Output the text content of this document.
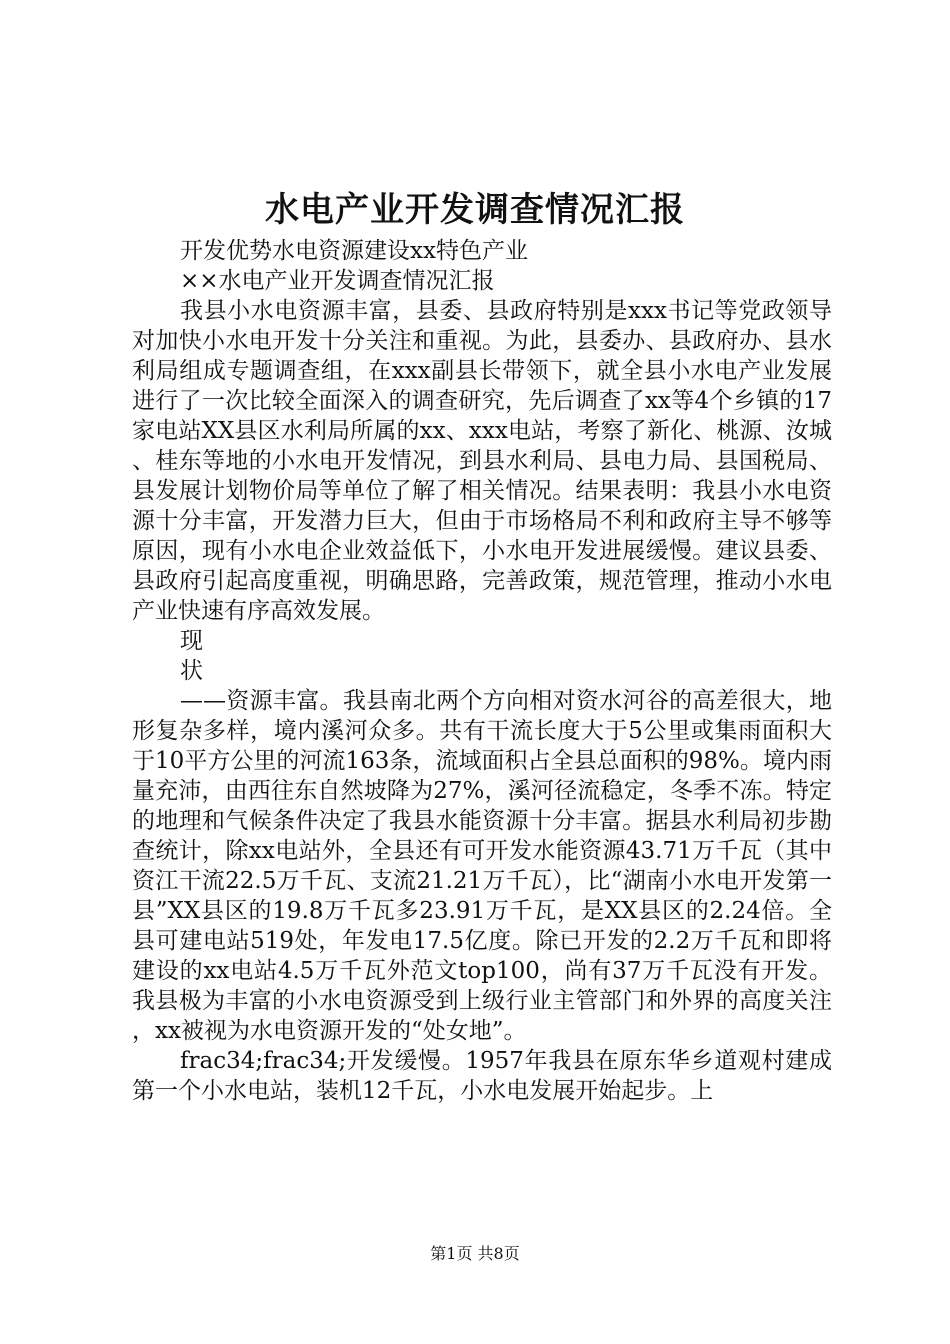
水电产业开发调查情况汇报

开发优势水电资源建设xx特色产业

××水电产业开发调查情况汇报

我县小水电资源丰富，县委、县政府特别是xxx书记等党政领导对加快小水电开发十分关注和重视。为此，县委办、县政府办、县水利局组成专题调查组，在xxx副县长带领下，就全县小水电产业发展进行了一次比较全面深入的调查研究，先后调查了xx等4个乡镇的17家电站XX县区水利局所属的xx、xxx电站，考察了新化、桃源、汝城、桂东等地的小水电开发情况，到县水利局、县电力局、县国税局、县发展计划物价局等单位了解了相关情况。结果表明：我县小水电资源十分丰富，开发潜力巨大，但由于市场格局不利和政府主导不够等原因，现有小水电企业效益低下，小水电开发进展缓慢。建议县委、县政府引起高度重视，明确思路，完善政策，规范管理，推动小水电产业快速有序高效发展。

现

状

——资源丰富。我县南北两个方向相对资水河谷的高差很大，地形复杂多样，境内溪河众多。共有干流长度大于5公里或集雨面积大于10平方公里的河流163条，流域面积占全县总面积的98%。境内雨量充沛，由西往东自然坡降为27%，溪河径流稳定，冬季不冻。特定的地理和气候条件决定了我县水能资源十分丰富。据县水利局初步勘查统计，除xx电站外，全县还有可开发水能资源43.71万千瓦（其中资江干流22.5万千瓦、支流21.21万千瓦），比“湖南小水电开发第一县”XX县区的19.8万千瓦多23.91万千瓦，是XX县区的2.24倍。全县可建电站519处，年发电17.5亿度。除已开发的2.2万千瓦和即将建设的xx电站4.5万千瓦外范文top100，尚有37万千瓦没有开发。我县极为丰富的小水电资源受到上级行业主管部门和外界的高度关注，xx被视为水电资源开发的“处女地”。

frac34;frac34;开发缓慢。1957年我县在原东华乡道观村建成第一个小水电站，装机12千瓦，小水电发展开始起步。上

第1页 共8页
